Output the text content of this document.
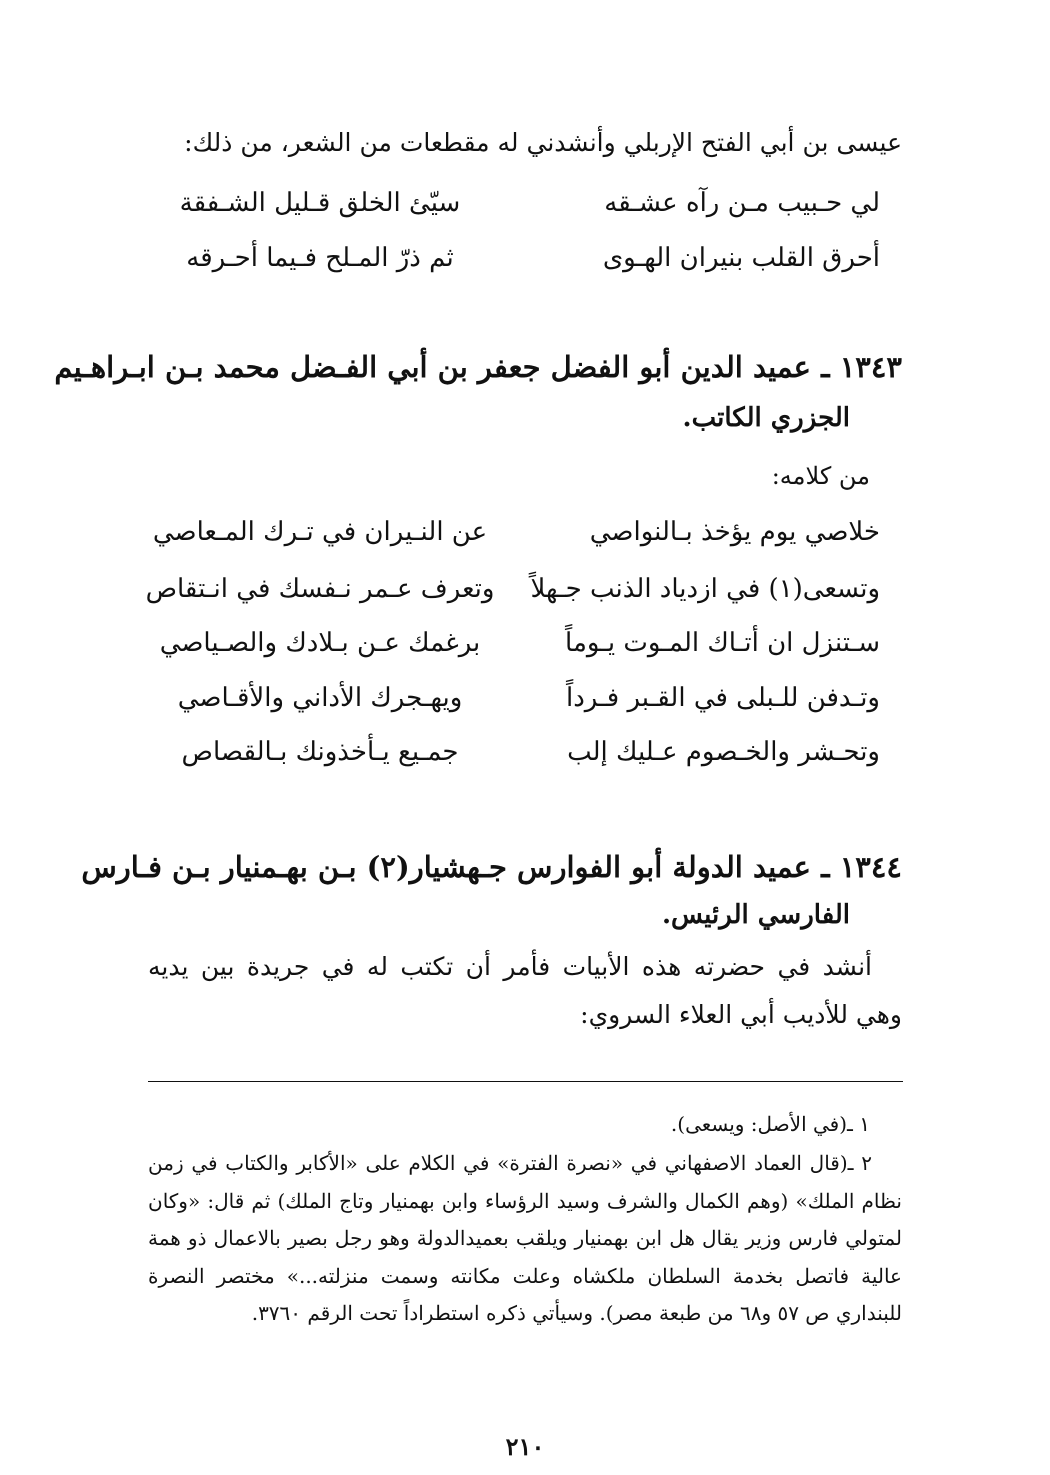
عيسى بن أبي الفتح الإربلي وأنشدني له مقطعات من الشعر، من ذلك:
لي حـبيب مـن رآه عشـقه
سيّئ الخلق قـليل الشـفقة
أحرق القلب بنيران الهـوى
ثم ذرّ المـلح فـيما أحـرقه
١٣٤٣ ـ عميد الدين أبو الفضل جعفر بن أبي الفـضل محمد بـن ابـراهـيم
الجزري الكاتب.
من كلامه:
خلاصي يوم يؤخذ بـالنواصي
عن النـيران في تـرك المـعاصي
وتسعى(١) في ازدياد الذنب جـهلاً
وتعرف عـمر نـفسك في انـتقاص
سـتنزل ان أتـاك المـوت يـوماً
برغمك عـن بـلادك والصـياصي
وتـدفن للـبلى في القـبر فـرداً
ويهـجرك الأداني والأقـاصي
وتحـشر والخـصوم عـليك إلب
جمـيع يـأخذونك بـالقصاص
١٣٤٤ ـ عميد الدولة أبو الفوارس جـهشيار(٢) بـن بهـمنيار بـن فـارس
الفارسي الرئيس.
أنشد في حضرته هذه الأبيات فأمر أن تكتب له في جريدة بين يديه وهي للأديب أبي العلاء السروي:
١ ـ(في الأصل: ويسعى).
٢ ـ(قال العماد الاصفهاني في «نصرة الفترة» في الكلام على «الأكابر والكتاب في زمن نظام الملك» (وهم الكمال والشرف وسيد الرؤساء وابن بهمنيار وتاج الملك) ثم قال: «وكان لمتولي فارس وزير يقال هل ابن بهمنيار ويلقب بعميدالدولة وهو رجل بصير بالاعمال ذو همة عالية فاتصل بخدمة السلطان ملكشاه وعلت مكانته وسمت منزلته...» مختصر النصرة للبنداري ص ٥٧ و٦٨ من طبعة مصر). وسيأتي ذكره استطراداً تحت الرقم ٣٧٦٠.
٢١٠
